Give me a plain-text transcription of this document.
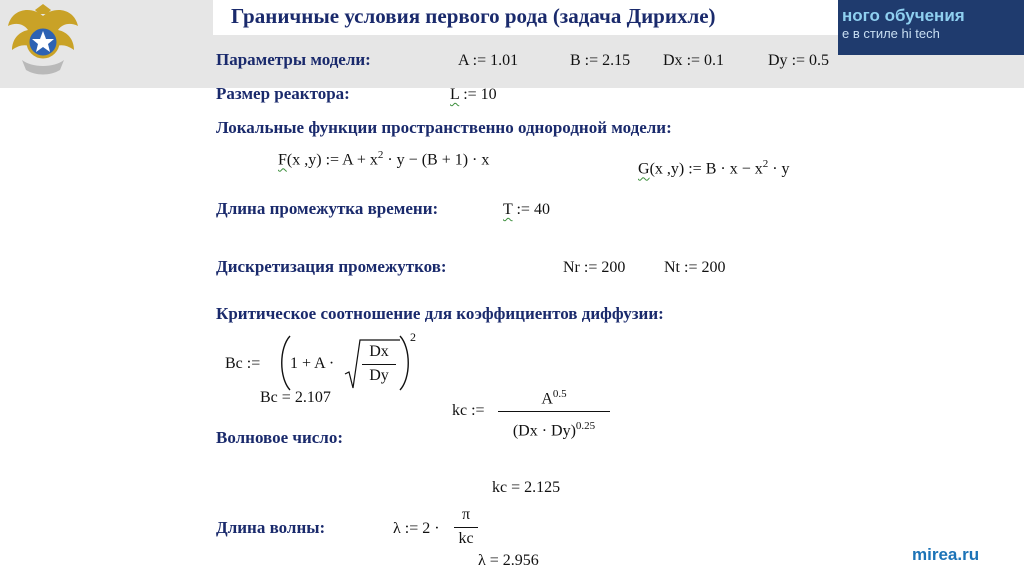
ного обучения
е в стиле hi tech
Граничные условия первого рода (задача Дирихле)
Параметры модели:
Размер реактора:
Локальные функции пространственно однородной модели:
Длина промежутка времени:
Дискретизация промежутков:
Критическое соотношение для коэффициентов диффузии:
Волновое число:
Длина волны:
A := 1.01	B := 2.15 Dx := 0.1	Dy := 0.5
L := 10
F(x ,y) := $A + x^2 \cdot y - (B + 1) \cdot x$
G(x ,y) := $B \cdot x - x^2 \cdot y$
T := 40
Nr := 200 Nt := 200
Bc := 1 + A ·
Dx
Dy
2
Bc = 2.107
kc :=
$A^{0.5}$
$(Dx \cdot Dy)^{0.25}$
kc = 2.125
λ := 2 ·
π
kc
λ = 2.956	mirea.ru
